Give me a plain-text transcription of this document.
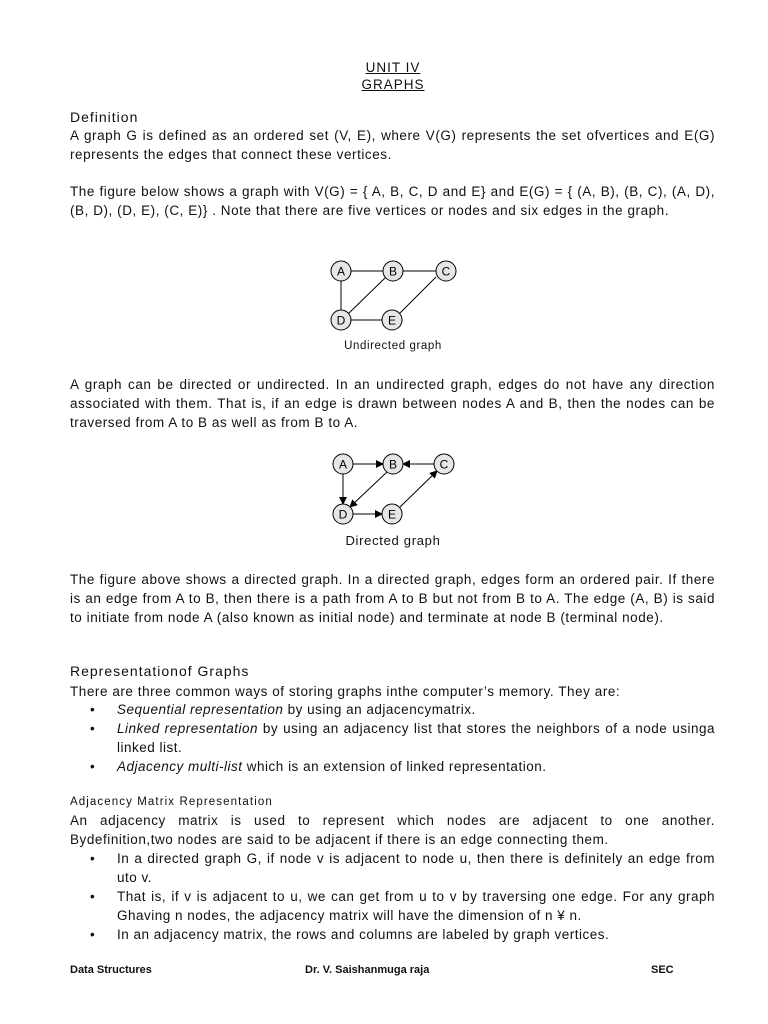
UNIT IV
GRAPHS
Definition

A graph G is defined as an ordered set (V, E), where V(G) represents the set ofvertices and E(G) represents the edges that connect these vertices.

The figure below shows a graph with V(G) = { A, B, C, D and E} and E(G) = { (A, B), (B, C), (A, D), (B, D), (D, E), (C, E)} . Note that there are five vertices or nodes and six edges in the graph.

A	B	C
D	E
Undirected graph

A graph can be directed or undirected. In an undirected graph, edges do not have any direction associated with them. That is, if an edge is drawn between nodes A and B, then the nodes can be traversed from A to B as well as from B to A.

A	B	C
D	E
Directed graph

The figure above shows a directed graph. In a directed graph, edges form an ordered pair. If there is an edge from A to B, then there is a path from A to B but not from B to A. The edge (A, B) is said to initiate from node A (also known as initial node) and terminate at node B (terminal node).

Representationof Graphs

There are three common ways of storing graphs inthe computer’s memory. They are:

• Sequential representation by using an adjacencymatrix.
• Linked representation by using an adjacency list that stores the neighbors of a node usinga linked list.
• Adjacency multi-list which is an extension of linked representation.
Adjacency Matrix Representation

An adjacency matrix is used to represent which nodes are adjacent to one another. Bydefinition,two nodes are said to be adjacent if there is an edge connecting them.

• In a directed graph G, if node v is adjacent to node u, then there is definitely an edge from uto v.
• That is, if v is adjacent to u, we can get from u to v by traversing one edge. For any graph Ghaving n nodes, the adjacency matrix will have the dimension of n ¥ n.
• In an adjacency matrix, the rows and columns are labeled by graph vertices.
Data Structures	Dr. V. Saishanmuga raja	SEC
